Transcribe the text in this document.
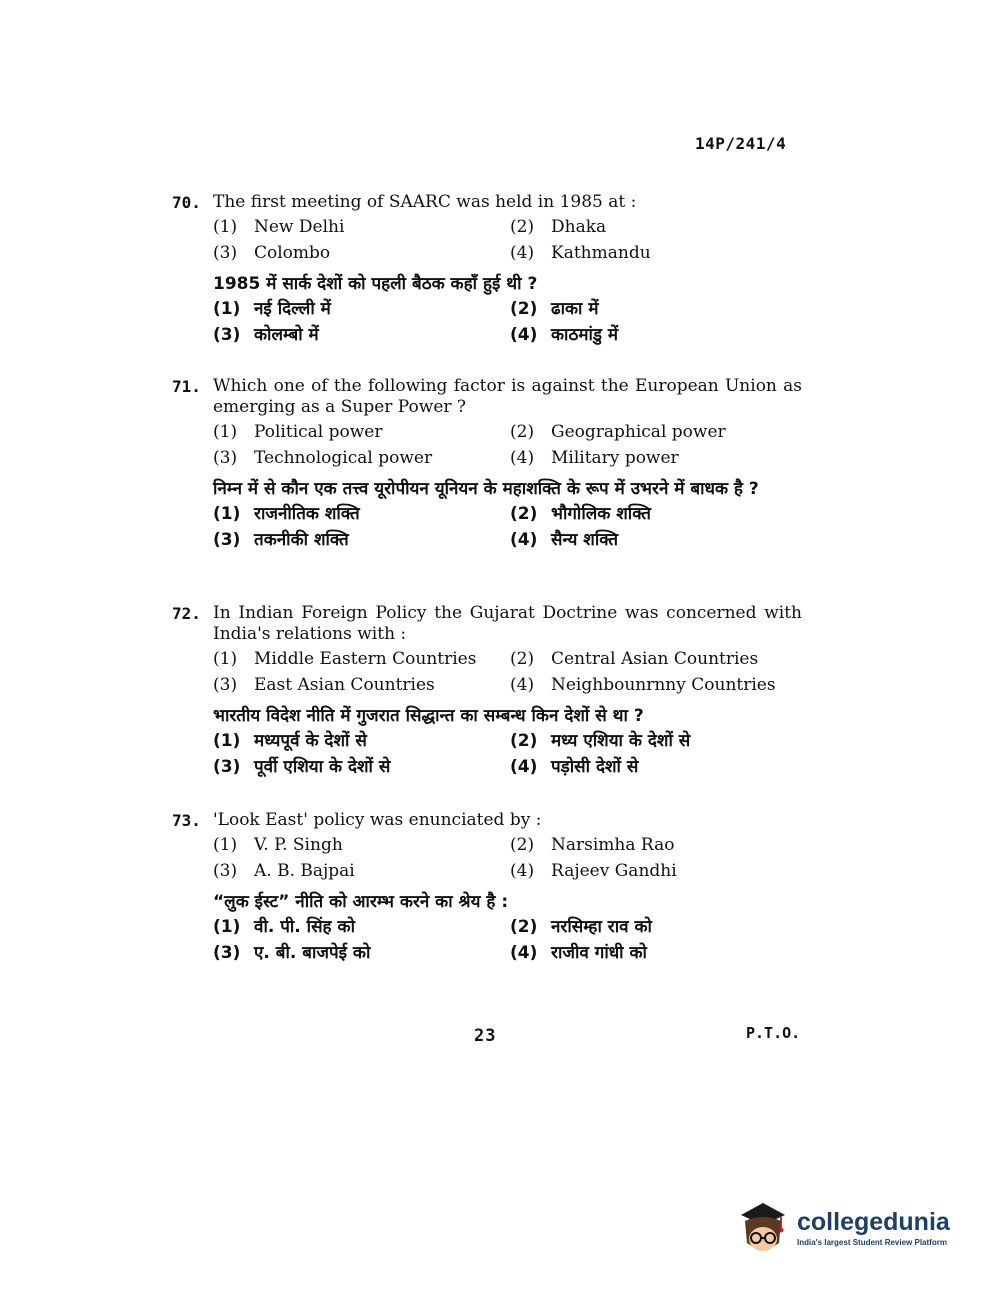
14P/241/4
70. The first meeting of SAARC was held in 1985 at :
(1) New Delhi	(2) Dhaka
(3) Colombo	(4) Kathmandu
1985 में सार्क देशों को पहली बैठक कहाँ हुई थी ?
(1) नई दिल्ली में	(2) ढाका में
(3) कोलम्बो में	(4) काठमांडु में
71. Which one of the following factor is against the European Union as emerging as a Super Power ?
(1) Political power	(2) Geographical power
(3) Technological power	(4) Military power
निम्न में से कौन एक तत्त्व यूरोपीयन यूनियन के महाशक्ति के रूप में उभरने में बाधक है ?
(1) राजनीतिक शक्ति	(2) भौगोलिक शक्ति
(3) तकनीकी शक्ति	(4) सैन्य शक्ति
72. In Indian Foreign Policy the Gujarat Doctrine was concerned with India's relations with :
(1) Middle Eastern Countries (2) Central Asian Countries
(3) East Asian Countries	(4) Neighbounrnny Countries
भारतीय विदेश नीति में गुजरात सिद्धान्त का सम्बन्ध किन देशों से था ?
(1) मध्यपूर्व के देशों से	(2) मध्य एशिया के देशों से
(3) पूर्वी एशिया के देशों से	(4) पड़ोसी देशों से
73. 'Look East' policy was enunciated by :
(1) V. P. Singh	(2) Narsimha Rao
(3) A. B. Bajpai	(4) Rajeev Gandhi
“लुक ईस्ट” नीति को आरम्भ करने का श्रेय है :
(1) वी. पी. सिंह को	(2) नरसिम्हा राव को
(3) ए. बी. बाजपेई को	(4) राजीव गांधी को
23	P.T.O.
collegedunia
India's largest Student Review Platform
